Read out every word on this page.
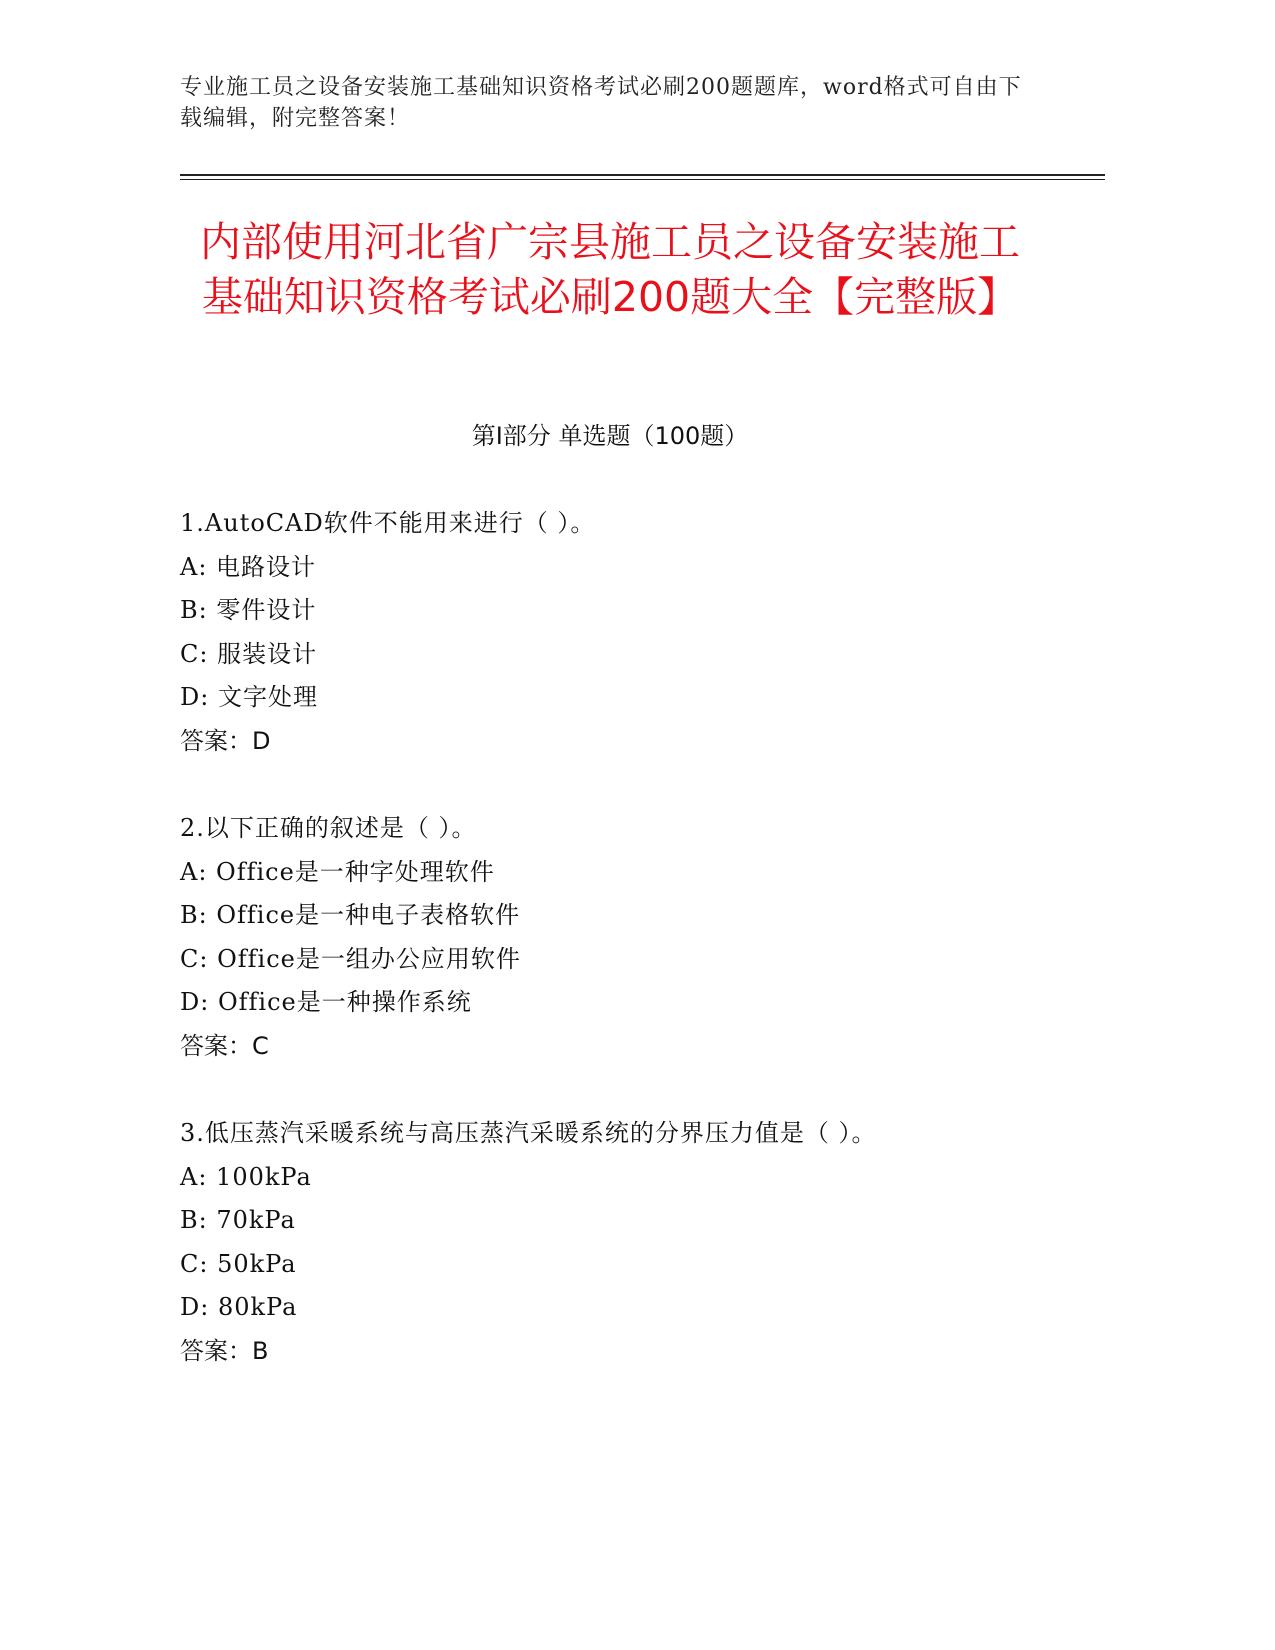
专业施工员之设备安装施工基础知识资格考试必刷200题题库，word格式可自由下载编辑，附完整答案！
内部使用河北省广宗县施工员之设备安装施工基础知识资格考试必刷200题大全【完整版】
第Ⅰ部分 单选题（100题）
1.AutoCAD软件不能用来进行（ ）。
A: 电路设计
B: 零件设计
C: 服装设计
D: 文字处理
答案：D
2.以下正确的叙述是（ ）。
A: Office是一种字处理软件
B: Office是一种电子表格软件
C: Office是一组办公应用软件
D: Office是一种操作系统
答案：C
3.低压蒸汽采暖系统与高压蒸汽采暖系统的分界压力值是（ ）。
A: 100kPa
B: 70kPa
C: 50kPa
D: 80kPa
答案：B
